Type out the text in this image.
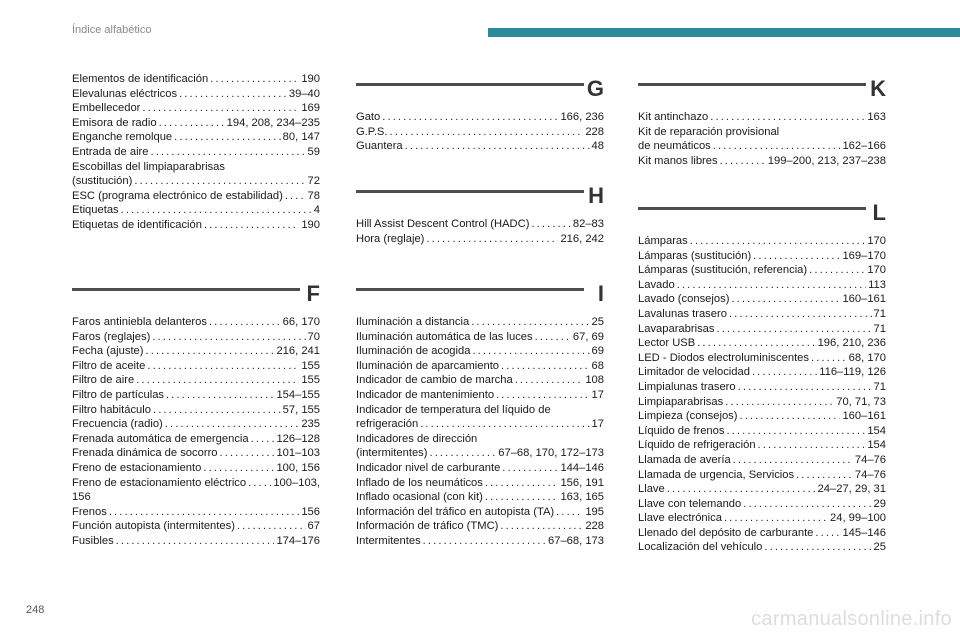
Índice alfabético
Elementos de identificación . . .	190
Elevalunas eléctricos . . .	39–40
Embellecedor . . .	169
Emisora de radio . . .	194, 208, 234–235
Enganche remolque . . .	80, 147
Entrada de aire . . .	59
Escobillas del limpiaparabrisas
(sustitución) . . .	72
ESC (programa electrónico de estabilidad) . . . 78
Etiquetas . . .	4
Etiquetas de identificación . . .	190
F
Faros antiniebla delanteros . . .	66, 170
Faros (reglajes) . . .	70
Fecha (ajuste) . . .	216, 241
Filtro de aceite . . .	155
Filtro de aire . . .	155
Filtro de partículas . . .	154–155
Filtro habitáculo . . .	57, 155
Frecuencia (radio) . . .	235
Frenada automática de emergencia . . . 126–128
Frenada dinámica de socorro . . .	101–103
Freno de estacionamiento . . .	100, 156
Freno de estacionamiento eléctrico . . . 100–103,
156
Frenos . . .	156
Función autopista (intermitentes) . . .	67
Fusibles . . .	174–176
G
Gato . . .	166, 236
G.P.S. . . .	228
Guantera . . .	48
H
Hill Assist Descent Control (HADC) . . .	82–83
Hora (reglaje) . . .	216, 242
I
Iluminación a distancia . . .	25
Iluminación automática de las luces . . .	67, 69
Iluminación de acogida . . .	69
Iluminación de aparcamiento . . .	68
Indicador de cambio de marcha . . .	108
Indicador de mantenimiento . . .	17
Indicador de temperatura del líquido de
refrigeración . . .	17
Indicadores de dirección
(intermitentes) . . .	67–68, 170, 172–173
Indicador nivel de carburante . . .	144–146
Inflado de los neumáticos . . .	156, 191
Inflado ocasional (con kit) . . .	163, 165
Información del tráfico en autopista (TA) . . .	195
Información de tráfico (TMC) . . .	228
Intermitentes . . .	67–68, 173
K
Kit antinchazo . . .	163
Kit de reparación provisional
de neumáticos . . .	162–166
Kit manos libres . . .	199–200, 213, 237–238
L
Lámparas . . .	170
Lámparas (sustitución) . . .	169–170
Lámparas (sustitución, referencia) . . .	170
Lavado . . .	113
Lavado (consejos) . . .	160–161
Lavalunas trasero . . .	71
Lavaparabrisas . . .	71
Lector USB . . .	196, 210, 236
LED - Diodos electroluminiscentes . . .	68, 170
Limitador de velocidad . . .	116–119, 126
Limpialunas trasero . . .	71
Limpiaparabrisas . . .	70, 71, 73
Limpieza (consejos) . . .	160–161
Líquido de frenos . . .	154
Líquido de refrigeración . . .	154
Llamada de avería . . .	74–76
Llamada de urgencia, Servicios . . .	74–76
Llave . . .	24–27, 29, 31
Llave con telemando . . .	29
Llave electrónica . . .	24, 99–100
Llenado del depósito de carburante . . .	145–146
Localización del vehículo . . .	25
248	carmanualsonline.info
